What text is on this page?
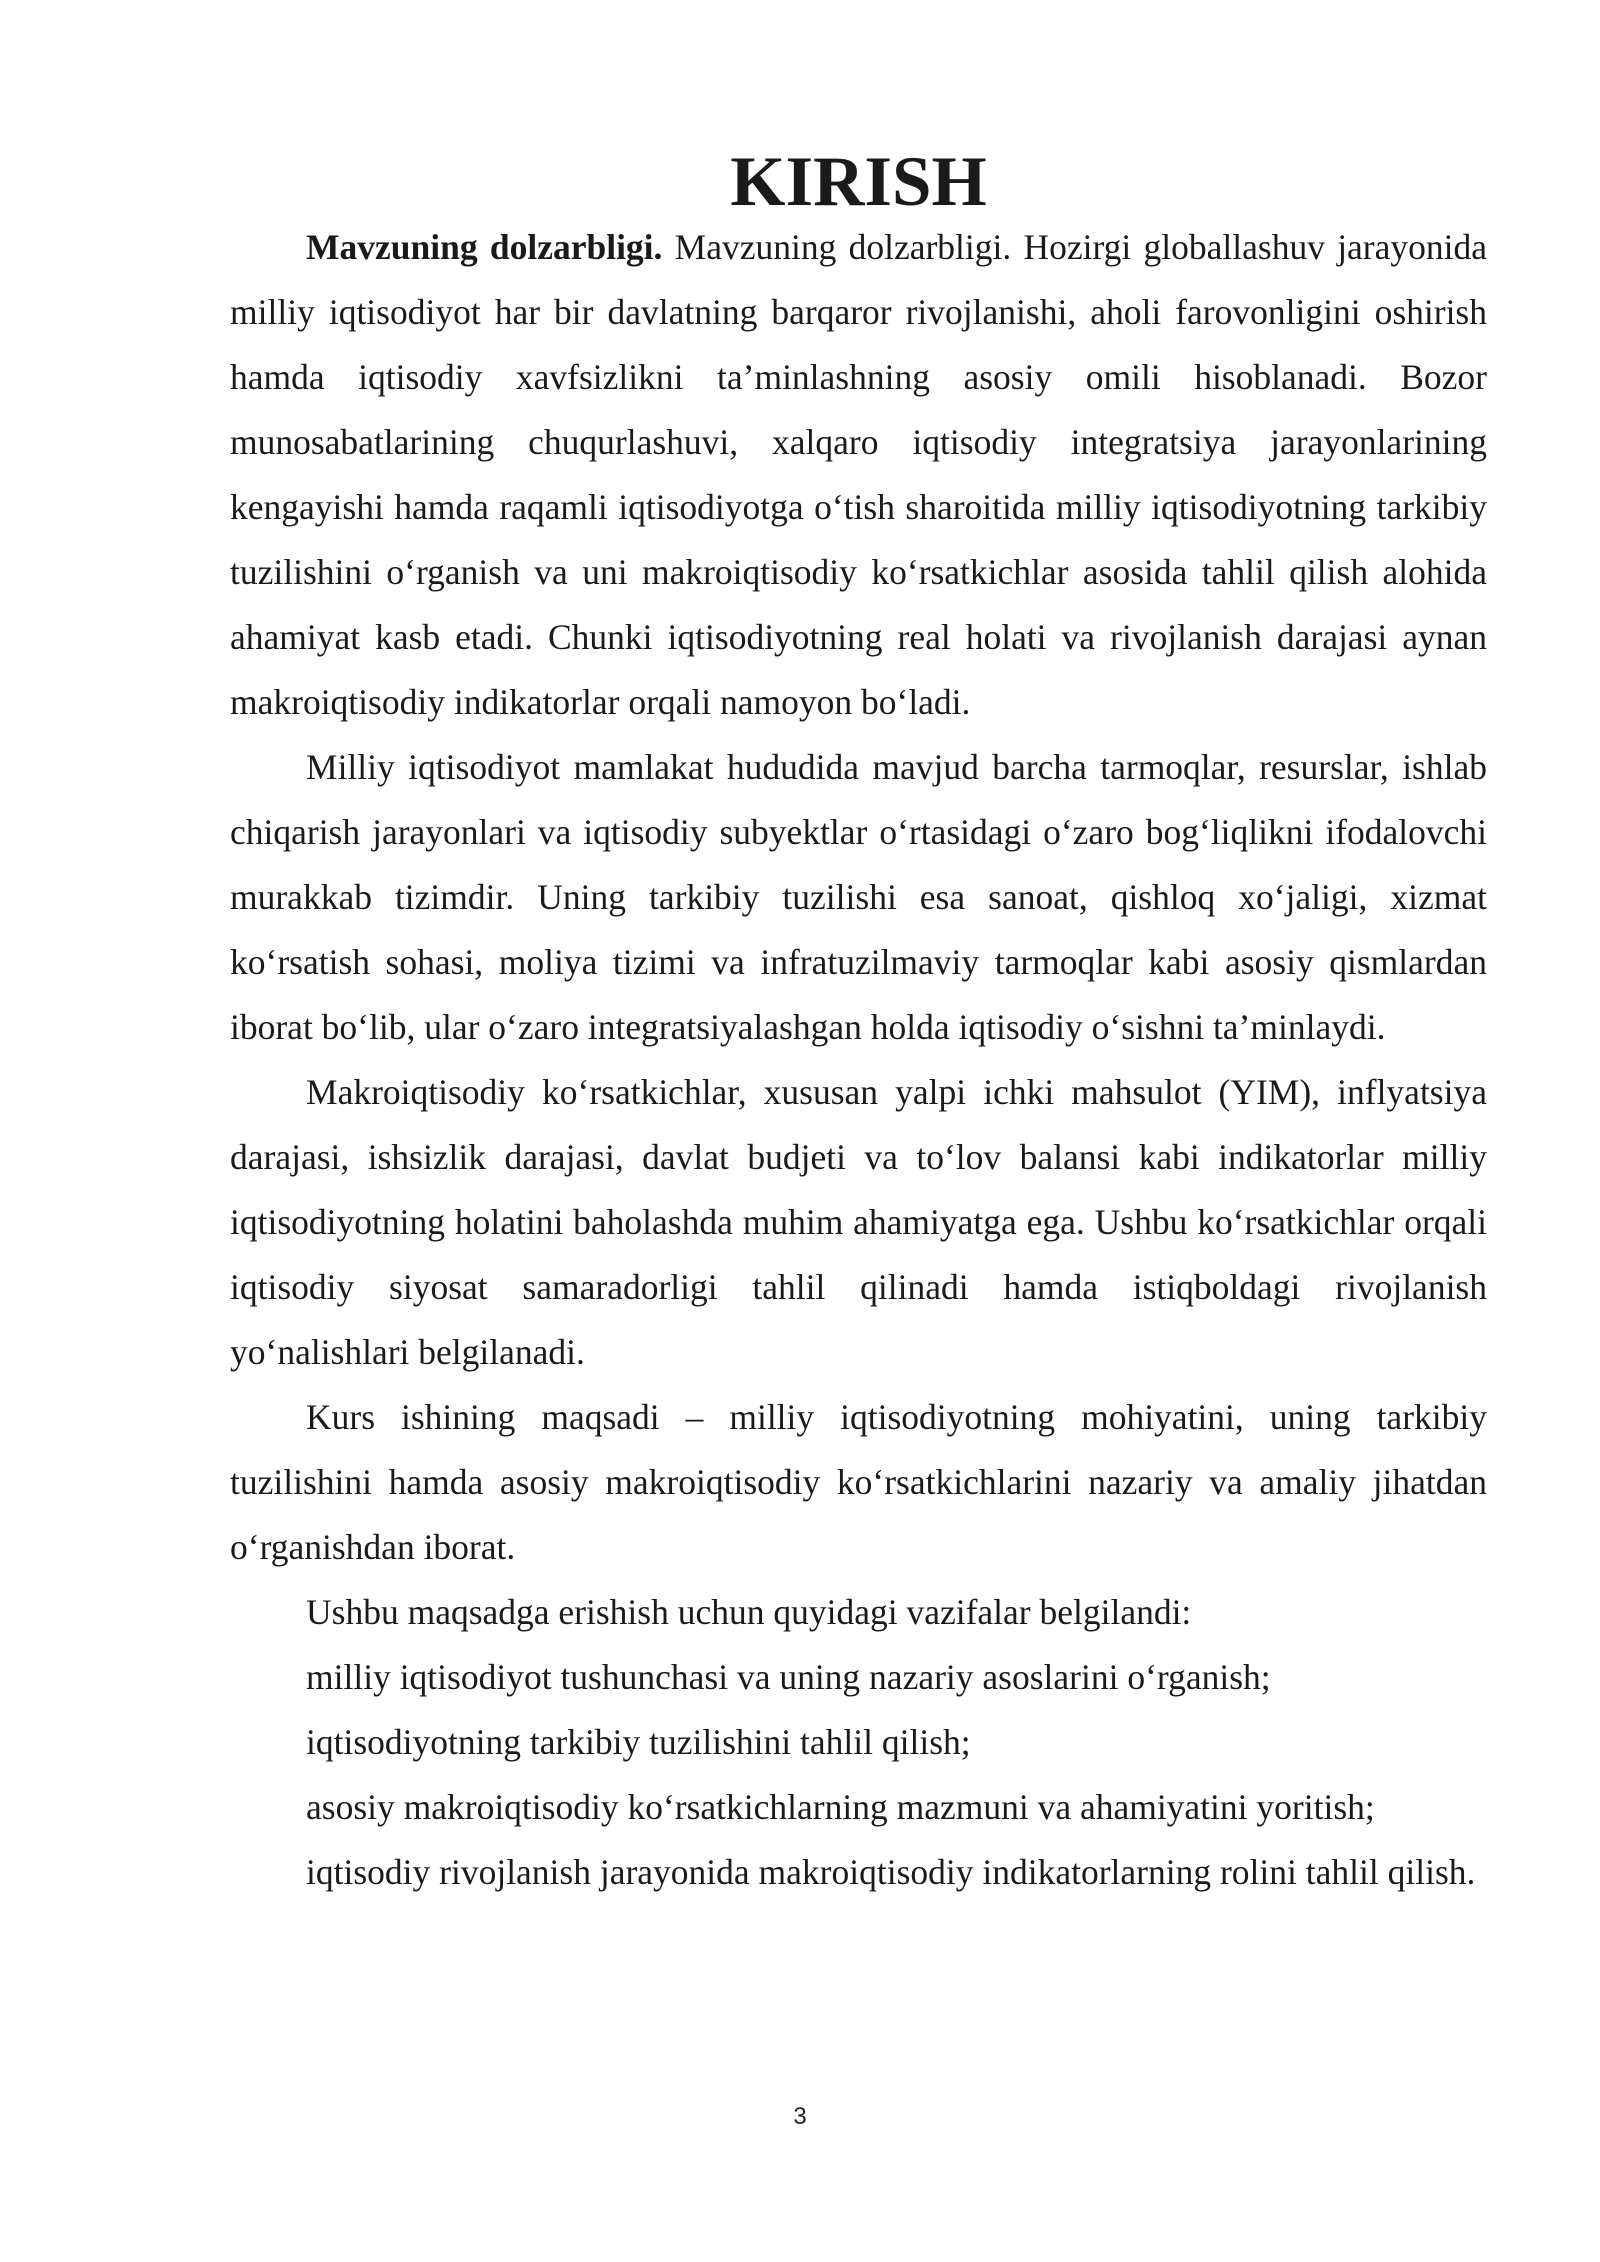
KIRISH

Mavzuning dolzarbligi. Mavzuning dolzarbligi. Hozirgi globallashuv jarayonida milliy iqtisodiyot har bir davlatning barqaror rivojlanishi, aholi farovonligini oshirish hamda iqtisodiy xavfsizlikni ta’minlashning asosiy omili hisoblanadi. Bozor munosabatlarining chuqurlashuvi, xalqaro iqtisodiy integratsiya jarayonlarining kengayishi hamda raqamli iqtisodiyotga o‘tish sharoitida milliy iqtisodiyotning tarkibiy tuzilishini o‘rganish va uni makroiqtisodiy ko‘rsatkichlar asosida tahlil qilish alohida ahamiyat kasb etadi. Chunki iqtisodiyotning real holati va rivojlanish darajasi aynan makroiqtisodiy indikatorlar orqali namoyon bo‘ladi.

Milliy iqtisodiyot mamlakat hududida mavjud barcha tarmoqlar, resurslar, ishlab chiqarish jarayonlari va iqtisodiy subyektlar o‘rtasidagi o‘zaro bog‘liqlikni ifodalovchi murakkab tizimdir. Uning tarkibiy tuzilishi esa sanoat, qishloq xo‘jaligi, xizmat ko‘rsatish sohasi, moliya tizimi va infratuzilmaviy tarmoqlar kabi asosiy qismlardan iborat bo‘lib, ular o‘zaro integratsiyalashgan holda iqtisodiy o‘sishni ta’minlaydi.

Makroiqtisodiy ko‘rsatkichlar, xususan yalpi ichki mahsulot (YIM), inflyatsiya darajasi, ishsizlik darajasi, davlat budjeti va to‘lov balansi kabi indikatorlar milliy iqtisodiyotning holatini baholashda muhim ahamiyatga ega. Ushbu ko‘rsatkichlar orqali iqtisodiy siyosat samaradorligi tahlil qilinadi hamda istiqboldagi rivojlanish yo‘nalishlari belgilanadi.

Kurs ishining maqsadi – milliy iqtisodiyotning mohiyatini, uning tarkibiy tuzilishini hamda asosiy makroiqtisodiy ko‘rsatkichlarini nazariy va amaliy jihatdan o‘rganishdan iborat.

Ushbu maqsadga erishish uchun quyidagi vazifalar belgilandi:

milliy iqtisodiyot tushunchasi va uning nazariy asoslarini o‘rganish;

iqtisodiyotning tarkibiy tuzilishini tahlil qilish;

asosiy makroiqtisodiy ko‘rsatkichlarning mazmuni va ahamiyatini yoritish;

iqtisodiy rivojlanish jarayonida makroiqtisodiy indikatorlarning rolini tahlil qilish.

3
